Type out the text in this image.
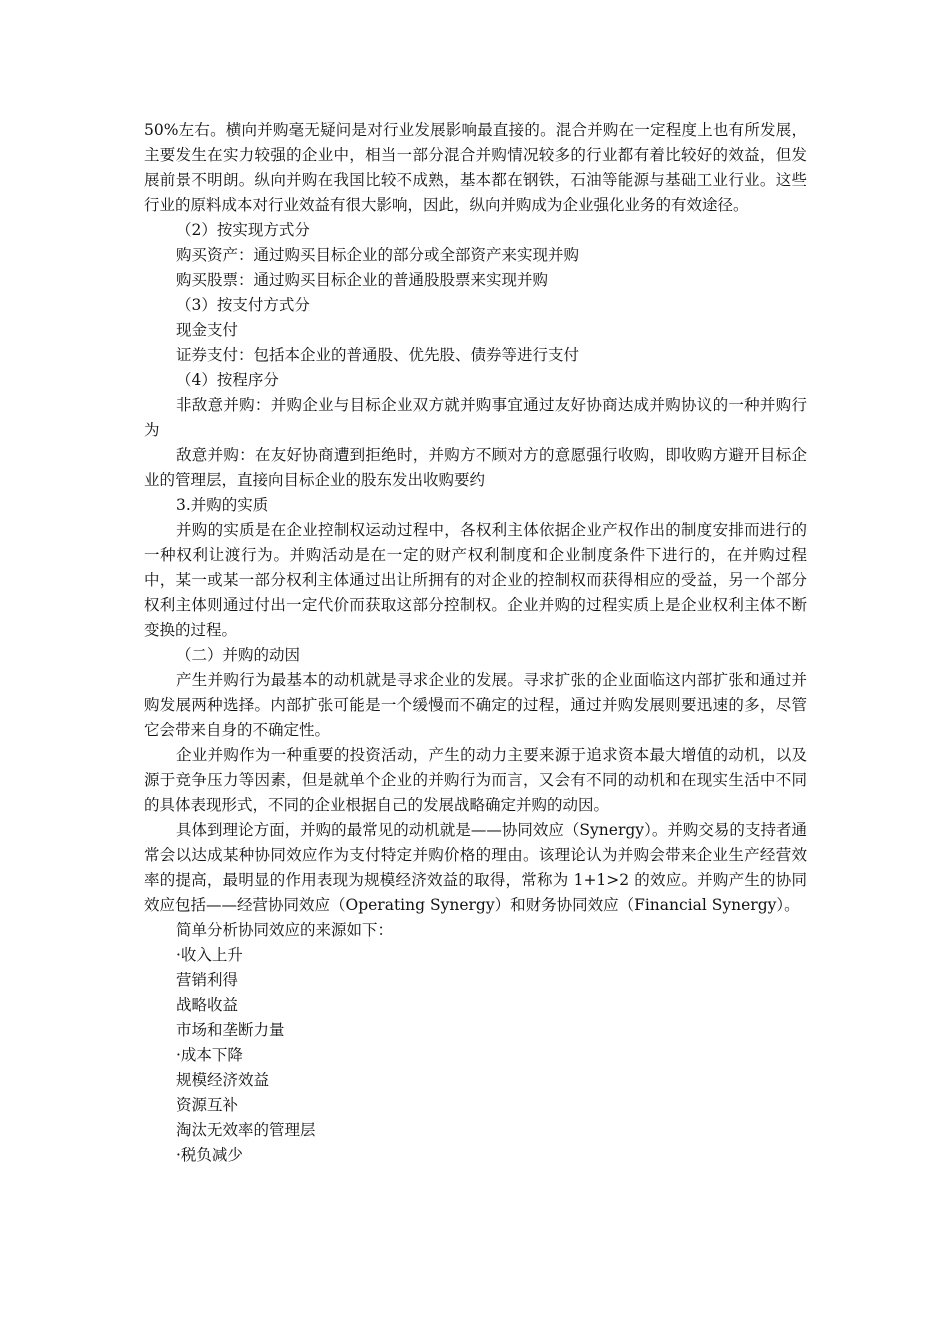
50%左右。横向并购毫无疑问是对行业发展影响最直接的。混合并购在一定程度上也有所发展，主要发生在实力较强的企业中，相当一部分混合并购情况较多的行业都有着比较好的效益，但发展前景不明朗。纵向并购在我国比较不成熟，基本都在钢铁，石油等能源与基础工业行业。这些行业的原料成本对行业效益有很大影响，因此，纵向并购成为企业强化业务的有效途径。

（2）按实现方式分

购买资产：通过购买目标企业的部分或全部资产来实现并购

购买股票：通过购买目标企业的普通股股票来实现并购

（3）按支付方式分

现金支付

证券支付：包括本企业的普通股、优先股、债券等进行支付

（4）按程序分

非敌意并购：并购企业与目标企业双方就并购事宜通过友好协商达成并购协议的一种并购行为

敌意并购：在友好协商遭到拒绝时，并购方不顾对方的意愿强行收购，即收购方避开目标企业的管理层，直接向目标企业的股东发出收购要约

3.并购的实质

并购的实质是在企业控制权运动过程中，各权利主体依据企业产权作出的制度安排而进行的一种权利让渡行为。并购活动是在一定的财产权利制度和企业制度条件下进行的，在并购过程中，某一或某一部分权利主体通过出让所拥有的对企业的控制权而获得相应的受益，另一个部分权利主体则通过付出一定代价而获取这部分控制权。企业并购的过程实质上是企业权利主体不断变换的过程。

（二）并购的动因

产生并购行为最基本的动机就是寻求企业的发展。寻求扩张的企业面临这内部扩张和通过并购发展两种选择。内部扩张可能是一个缓慢而不确定的过程，通过并购发展则要迅速的多，尽管它会带来自身的不确定性。

企业并购作为一种重要的投资活动，产生的动力主要来源于追求资本最大增值的动机，以及源于竞争压力等因素，但是就单个企业的并购行为而言，又会有不同的动机和在现实生活中不同的具体表现形式，不同的企业根据自己的发展战略确定并购的动因。

具体到理论方面，并购的最常见的动机就是——协同效应（Synergy）。并购交易的支持者通常会以达成某种协同效应作为支付特定并购价格的理由。该理论认为并购会带来企业生产经营效率的提高，最明显的作用表现为规模经济效益的取得，常称为 1+1>2 的效应。并购产生的协同效应包括——经营协同效应（Operating Synergy）和财务协同效应（Financial Synergy）。

简单分析协同效应的来源如下：

·收入上升

营销利得

战略收益

市场和垄断力量

·成本下降

规模经济效益

资源互补

淘汰无效率的管理层

·税负减少
